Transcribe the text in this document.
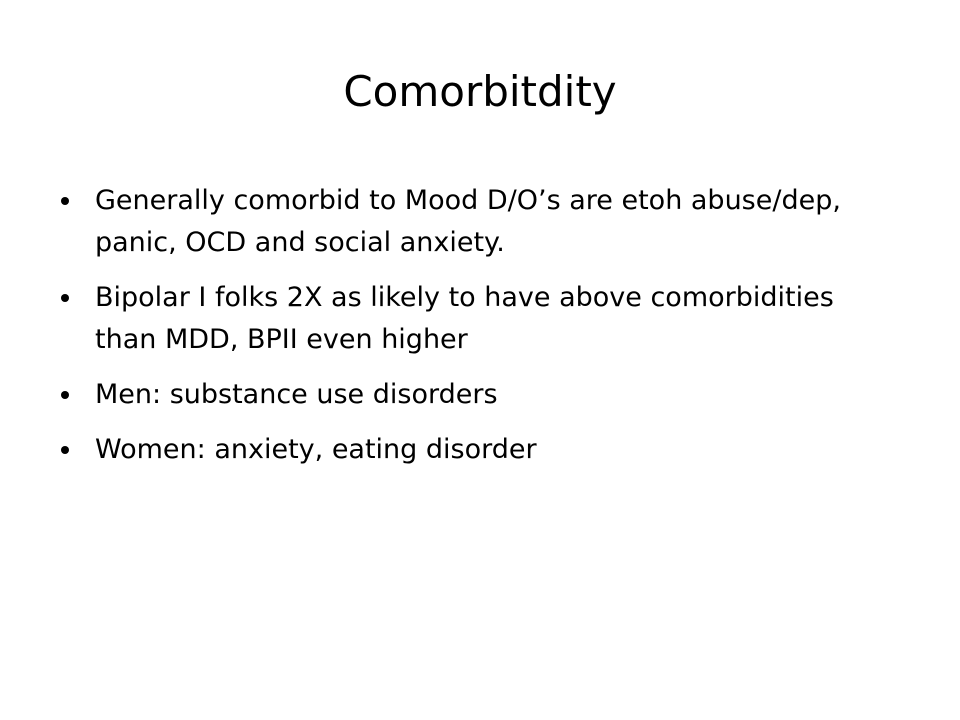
Comorbitdity
Generally comorbid to Mood D/O’s are etoh abuse/dep, panic, OCD and social anxiety.
Bipolar I folks 2X as likely to have above comorbidities than MDD, BPII even higher
Men: substance use disorders
Women: anxiety, eating disorder
